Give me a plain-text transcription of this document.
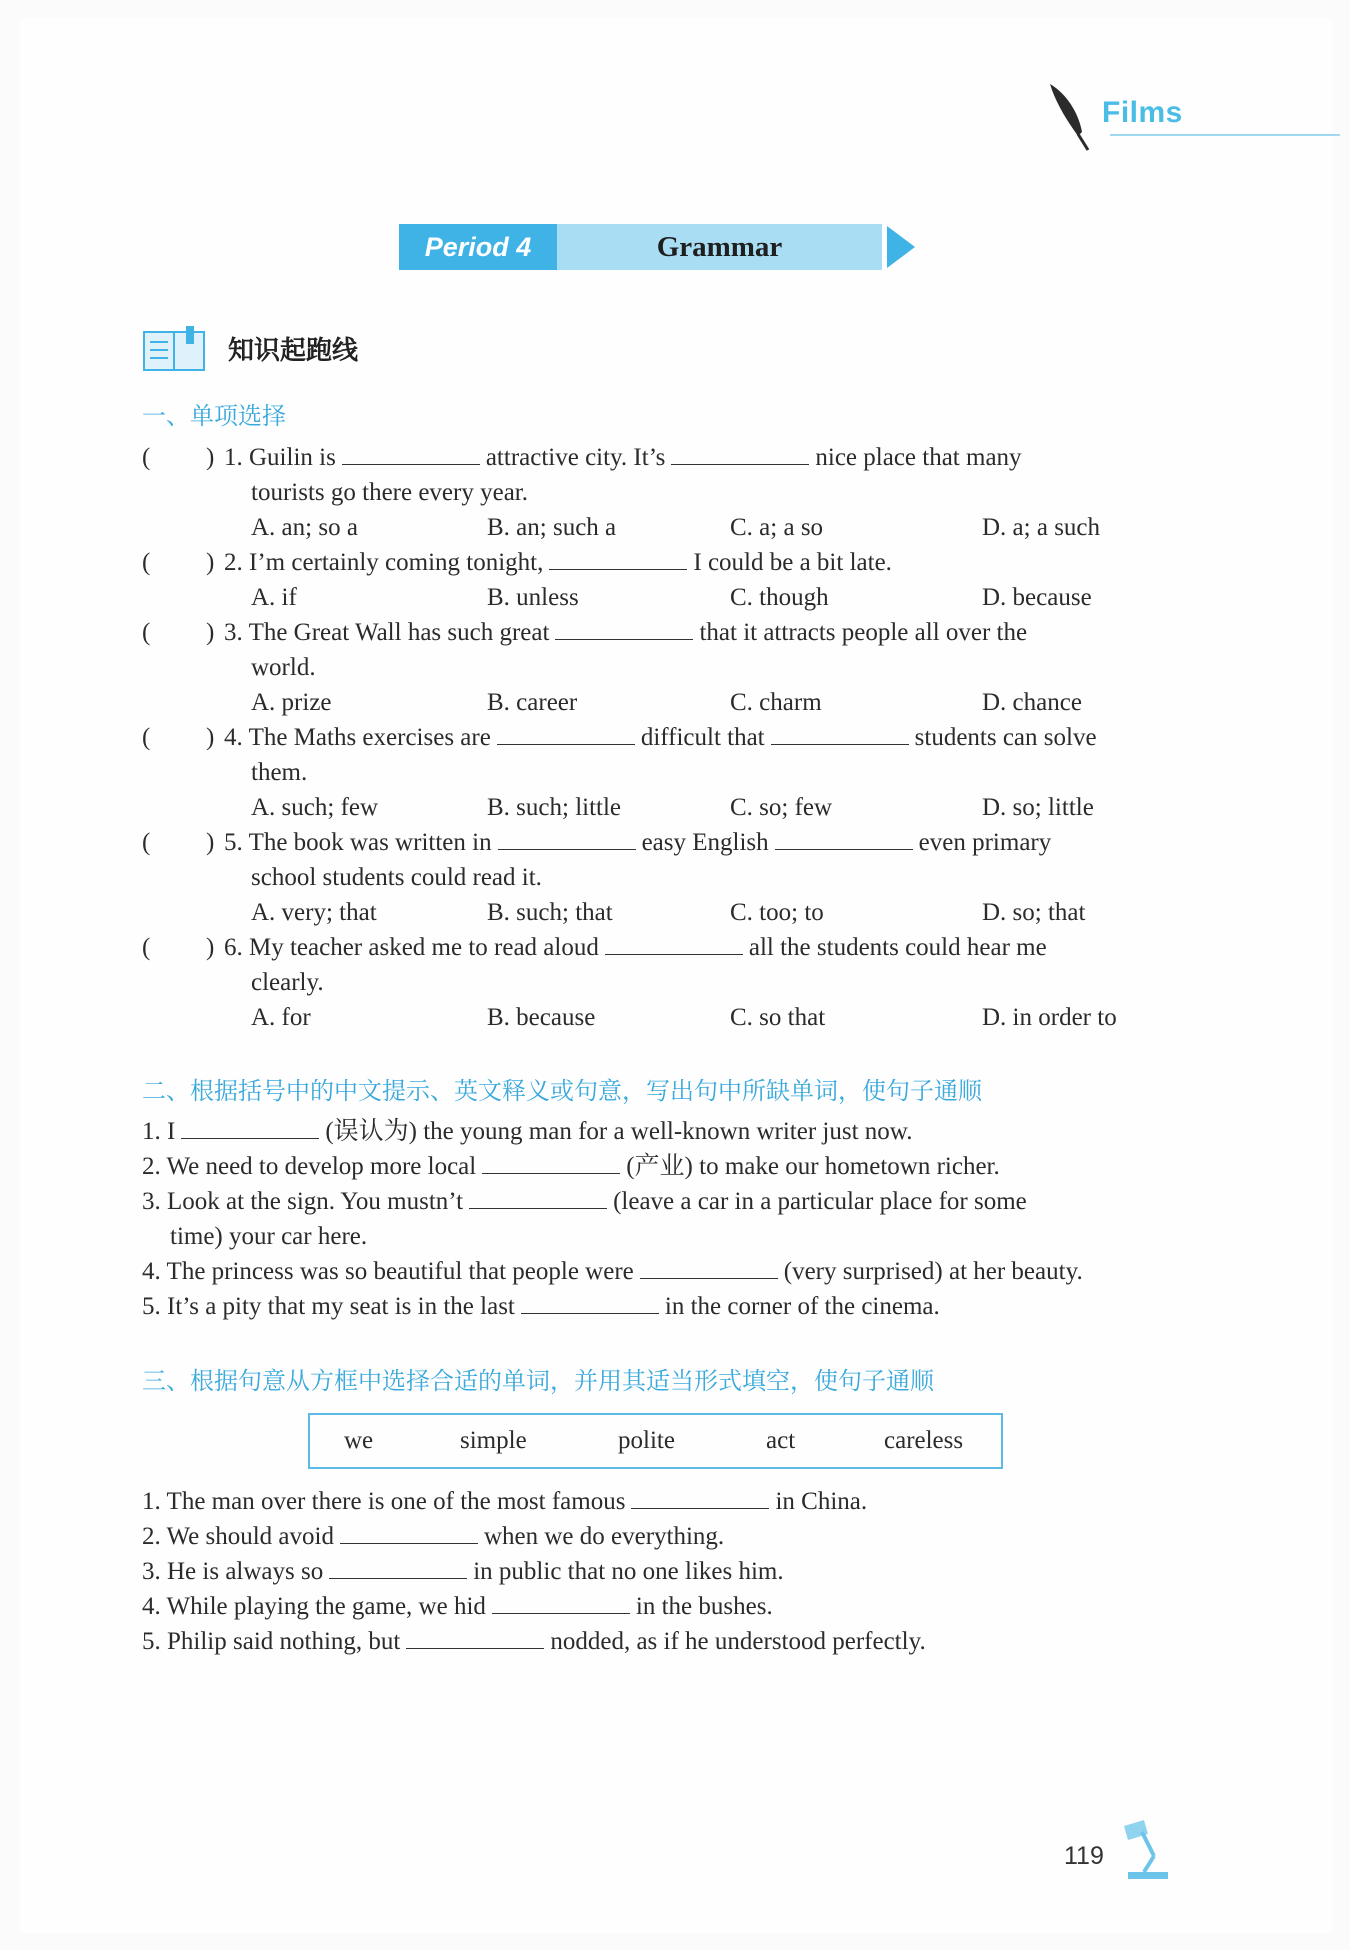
Films
Period 4	Grammar
知识起跑线
一、单项选择
( ) 1. Guilin is	attractive city. It’s	nice place that many
tourists go there every year.
A. an; so a	B. an; such a	C. a; a so	D. a; a such
( ) 2. I’m certainly coming tonight,	I could be a bit late.
A. if	B. unless	C. though	D. because
( ) 3. The Great Wall has such great	that it attracts people all over the
world.
A. prize	B. career	C. charm	D. chance
( ) 4. The Maths exercises are	difficult that	students can solve
them.
A. such; few	B. such; little	C. so; few	D. so; little
( ) 5. The book was written in	easy English	even primary
school students could read it.
A. very; that	B. such; that	C. too; to	D. so; that
( ) 6. My teacher asked me to read aloud	all the students could hear me
clearly.
A. for	B. because	C. so that	D. in order to
二、根据括号中的中文提示、英文释义或句意，写出句中所缺单词，使句子通顺
1. I	(误认为) the young man for a well-known writer just now.
2. We need to develop more local	(产业) to make our hometown richer.
3. Look at the sign. You mustn’t	(leave a car in a particular place for some
time) your car here.
4. The princess was so beautiful that people were	(very surprised) at her beauty.
5. It’s a pity that my seat is in the last	in the corner of the cinema.
三、根据句意从方框中选择合适的单词，并用其适当形式填空，使句子通顺
we	simple	polite	act	careless
1. The man over there is one of the most famous	in China.
2. We should avoid	when we do everything.
3. He is always so	in public that no one likes him.
4. While playing the game, we hid	in the bushes.
5. Philip said nothing, but	nodded, as if he understood perfectly.
119
